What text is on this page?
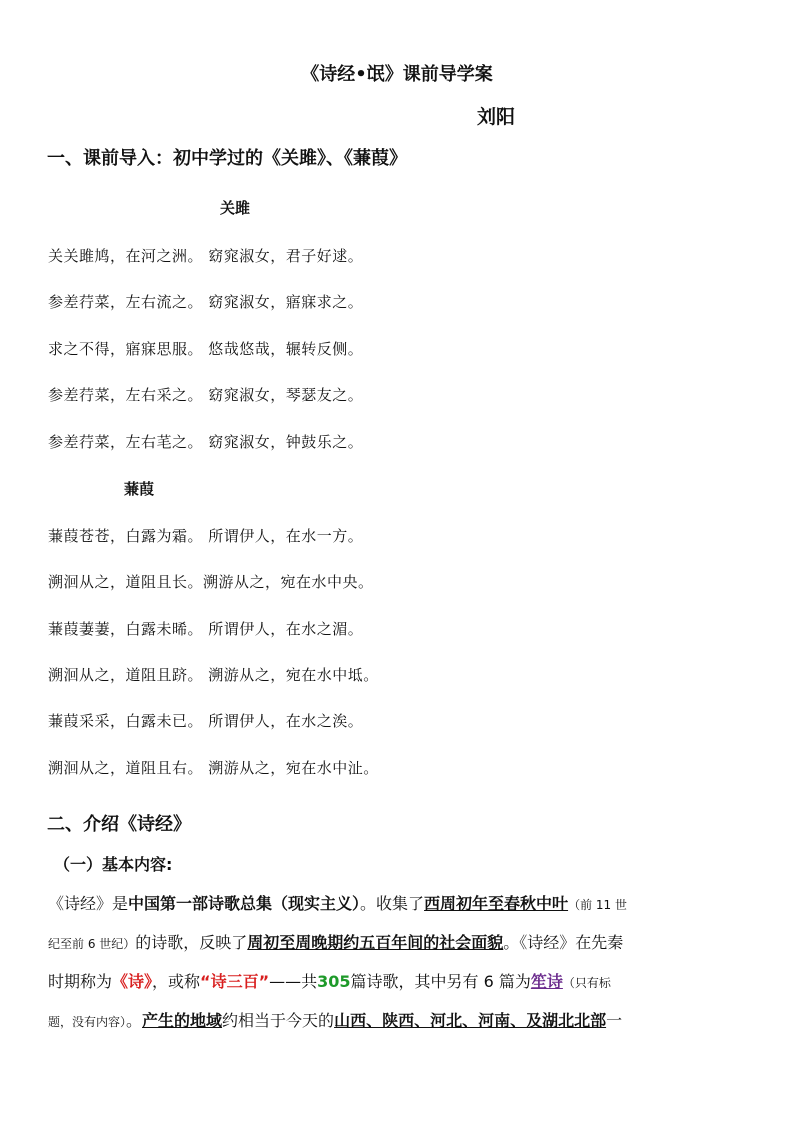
《诗经•氓》课前导学案
刘阳
一、课前导入：初中学过的《关雎》、《蒹葭》
关雎
关关雎鸠，在河之洲。 窈窕淑女，君子好逑。
参差荇菜，左右流之。 窈窕淑女，寤寐求之。
求之不得，寤寐思服。 悠哉悠哉，辗转反侧。
参差荇菜，左右采之。 窈窕淑女，琴瑟友之。
参差荇菜，左右芼之。 窈窕淑女，钟鼓乐之。
蒹葭
蒹葭苍苍，白露为霜。 所谓伊人，在水一方。
溯洄从之，道阻且长。溯游从之，宛在水中央。
蒹葭萋萋，白露未晞。 所谓伊人，在水之湄。
溯洄从之，道阻且跻。 溯游从之，宛在水中坻。
蒹葭采采，白露未已。 所谓伊人，在水之涘。
溯洄从之，道阻且右。 溯游从之，宛在水中沚。
二、介绍《诗经》
（一）基本内容:
《诗经》是中国第一部诗歌总集（现实主义）。收集了西周初年至春秋中叶（前 11 世
纪至前 6 世纪）的诗歌，反映了周初至周晚期约五百年间的社会面貌。《诗经》在先秦
时期称为《诗》，或称“诗三百”——共305篇诗歌，其中另有 6 篇为笙诗（只有标
题，没有内容）。产生的地域约相当于今天的山西、陕西、河北、河南、及湖北北部一
